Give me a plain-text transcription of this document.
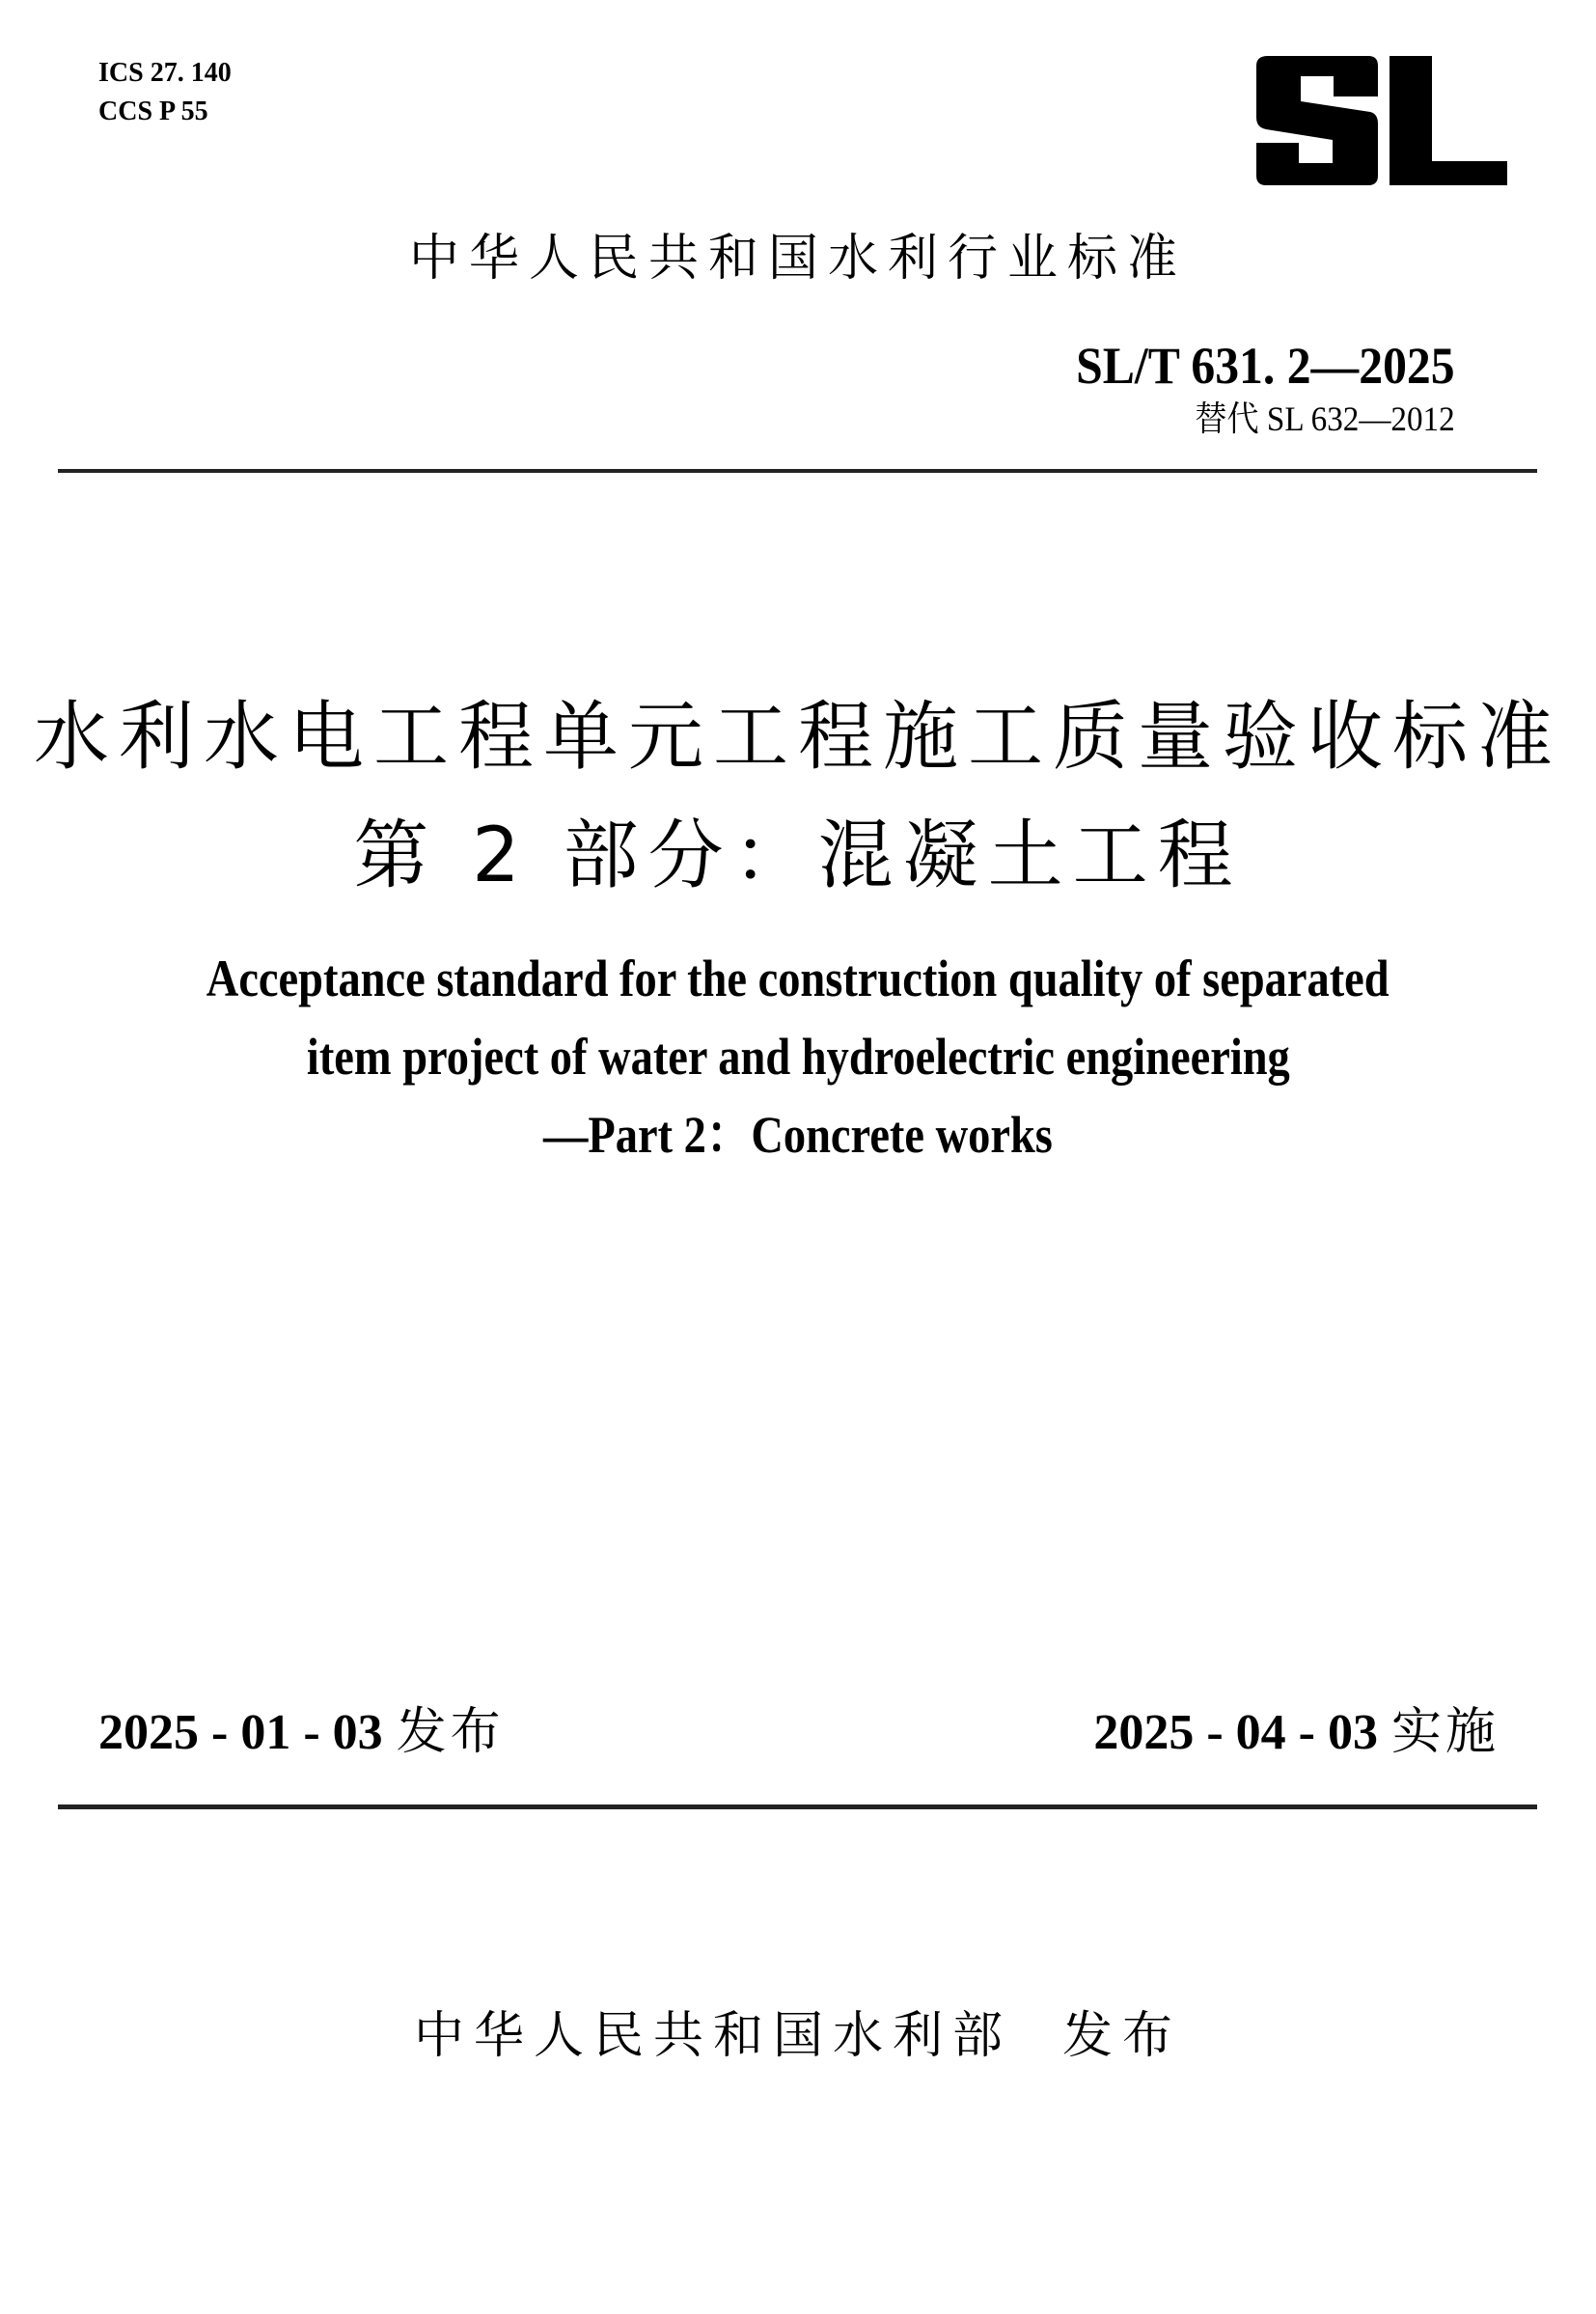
ICS 27. 140
CCS P 55
中华人民共和国水利行业标准
SL/T 631. 2—2025
替代 SL 632—2012
水利水电工程单元工程施工质量验收标准
第 2 部分：混凝土工程
Acceptance standard for the construction quality of separated
item project of water and hydroelectric engineering
—Part 2：Concrete works
2025 - 01 - 03 发布	2025 - 04 - 03 实施
中华人民共和国水利部 发布
